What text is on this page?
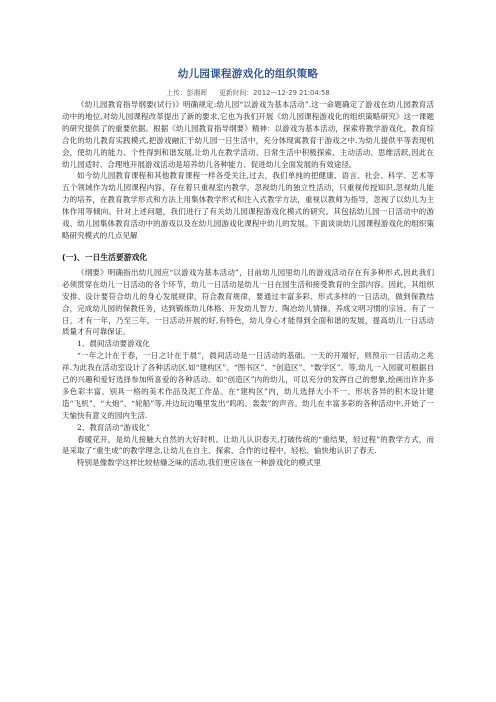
幼儿园课程游戏化的组织策略
上传：彭湘晖 更新时间：2012—12-29 21:04:58

《幼儿园教育指导纲要(试行)》明确规定:幼儿园“以游戏为基本活动”.这一命题确定了游戏在幼儿园教育活动中的地位,对幼儿园课程改革提出了新的要求,它也为我们开展《幼儿园课程游戏化的组织策略研究》这一课题的研究提供了的重要依据。根据《幼儿园教育指导纲要》精神：以游戏为基本活动，探索将教学游戏化，教育综合化的幼儿教育实践模式,把游戏融汇于幼儿园一日生活中，充分体现寓教育于游戏之中.为幼儿提供平等表现机会，使幼儿的能力、个性得到和谐发展,让幼儿在教学活动、日常生活中积极探索、主动活动、思维活跃,因此在幼儿园适时、合理地开展游戏活动是培养幼儿各种能力、促进幼儿全面发展的有效途径。

如今幼儿园教育课程和其他教育课程一样各受关注,过去，我们单纯的把健康、语言、社会、科学、艺术等五个领域作为幼儿园课程内容，存在着只重视室内教学，忽视幼儿的独立性活动，只重视传授知识,忽视幼儿能力的培养，在教育教学形式和方法上用集体教学形式和注入式教学方法，重视以教师为指导，忽视了以幼儿为主体作用等倾向。针对上述问题，我们进行了有关幼儿园课程游戏化模式的研究。其包括幼儿园一日活动中的游戏、幼儿园集体教育活动中的游戏以及在幼儿园游戏化课程中幼儿的发展。下面谈谈幼儿园课程游戏化的组织策略研究模式的几点见解

(一)、一日生活要游戏化

《纲要》明确指出幼儿园应“以游戏为基本活动”，目前幼儿园里幼儿的游戏活动存在有多种形式,因此我们必须贯穿在幼儿一日活动的各个环节，幼儿一日活动是幼儿一日在园生活和接受教育的全部内容。因此，其组织安排、设计要符合幼儿的身心发展规律，符合教育规律，要通过丰富多彩、形式多样的一日活动，做到保教结合，完成幼儿园的保教任务，达到锻炼幼儿体格、开发幼儿智力、陶冶幼儿情操、养成文明习惯的宗旨。有了一日，才有一年，乃至三年，一日活动开展的好,有特色，幼儿身心才能得到全面和谐的发展，提高幼儿一日活动质量才有可靠保证。

1、晨间活动要游戏化

“一年之计在于春，一日之计在于晨”，晨间活动是一日活动的基础。一天的开端好，则预示一日活动之兆祥.为此我在活动室设计了各种活动区,如“建构区”、“图书区”、“创造区”、“数学区”、等,幼儿一入园就可根据自己的兴趣和爱好选择参加所喜爱的各种活动。如“创造区”内的幼儿，可以充分的发挥自己的想象,绘画出许许多多色彩丰富、别具一格的美术作品及泥工作品。在“建构区”内，幼儿选择大小不一、形状各异的积木设计建造“飞机”、“大炮”、“轮船”等,并边玩边嘴里发出“呜呜、轰轰”的声音。幼儿在丰富多彩的各种活动中,开始了一天愉快有意义的园内生活.

2、教育活动“游戏化”

春暖花开，是幼儿接触大自然的大好时机。让幼儿认识春天,打破传统的“重结果，轻过程”的教学方式，而是采取了“重生成”的教学理念,让幼儿在自主、探索、合作的过程中，轻松、愉快地认识了春天.

特别是像数学这样比较枯燥乏味的活动,我们更应该在一种游戏化的模式里
